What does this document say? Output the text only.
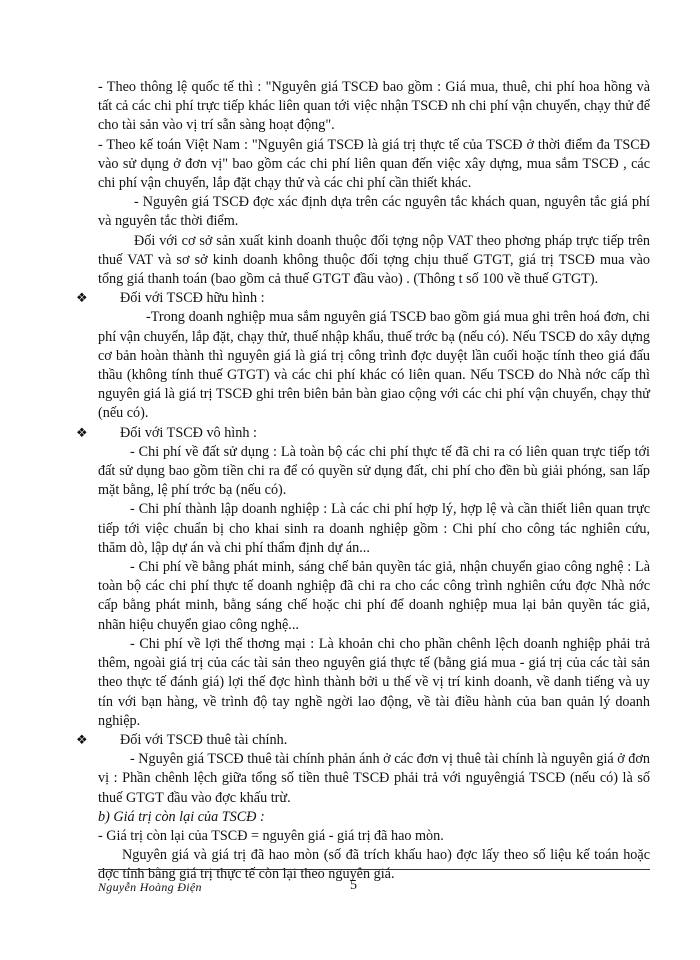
- Theo thông lệ quốc tế thì : "Nguyên giá TSCĐ bao gồm : Giá mua, thuê, chi phí hoa hồng và tất cả các chi phí trực tiếp khác liên quan tới việc nhận TSCĐ nh chi phí vận chuyển, chạy thử để cho tài sản vào vị trí sẵn sàng hoạt động".

- Theo kế toán Việt Nam : "Nguyên giá TSCĐ là giá trị thực tế của TSCĐ ở thời điểm đa TSCĐ vào sử dụng ở đơn vị" bao gồm các chi phí liên quan đến việc xây dựng, mua sắm TSCĐ , các chi phí vận chuyển, lắp đặt chạy thử và các chi phí cần thiết khác.

- Nguyên giá TSCĐ đợc xác định dựa trên các nguyên tắc khách quan, nguyên tắc giá phí và nguyên tắc thời điểm.

Đối với cơ sở sản xuất kinh doanh thuộc đối tợng nộp VAT theo phơng pháp trực tiếp trên thuế VAT và sơ sở kinh doanh không thuộc đối tợng chịu thuế GTGT, giá trị TSCĐ mua vào tổng giá thanh toán (bao gồm cả thuế GTGT đầu vào) . (Thông t số 100 về thuế GTGT).

❖ Đối với TSCĐ hữu hình :

-Trong doanh nghiệp mua sắm nguyên giá TSCĐ bao gồm giá mua ghi trên hoá đơn, chi phí vận chuyển, lắp đặt, chạy thử, thuế nhập khẩu, thuế trớc bạ (nếu có). Nếu TSCĐ do xây dựng cơ bản hoàn thành thì nguyên giá là giá trị công trình đợc duyệt lần cuối hoặc tính theo giá đấu thầu (không tính thuế GTGT) và các chi phí khác có liên quan. Nếu TSCĐ do Nhà nớc cấp thì nguyên giá là giá trị TSCĐ ghi trên biên bản bàn giao cộng với các chi phí vận chuyển, chạy thử (nếu có).

❖ Đối với TSCĐ vô hình :

- Chi phí về đất sử dụng : Là toàn bộ các chi phí thực tế đã chi ra có liên quan trực tiếp tới đất sử dụng bao gồm tiền chi ra để có quyền sử dụng đất, chi phí cho đền bù giải phóng, san lấp mặt bằng, lệ phí trớc bạ (nếu có).

- Chi phí thành lập doanh nghiệp : Là các chi phí hợp lý, hợp lệ và cần thiết liên quan trực tiếp tới việc chuẩn bị cho khai sinh ra doanh nghiệp gồm : Chi phí cho công tác nghiên cứu, thăm dò, lập dự án và chi phí thẩm định dự án...

- Chi phí về bằng phát minh, sáng chế bản quyền tác giả, nhận chuyển giao công nghệ : Là toàn bộ các chi phí thực tế doanh nghiệp đã chi ra cho các công trình nghiên cứu đợc Nhà nớc cấp bằng phát minh, bằng sáng chế hoặc chi phí để doanh nghiệp mua lại bản quyền tác giả, nhãn hiệu chuyển giao công nghệ...

- Chi phí về lợi thế thơng mại : Là khoản chi cho phần chênh lệch doanh nghiệp phải trả thêm, ngoài giá trị của các tài sản theo nguyên giá thực tế (bằng giá mua - giá trị của các tài sản theo thực tế đánh giá) lợi thế đợc hình thành bởi u thế về vị trí kinh doanh, về danh tiếng và uy tín với bạn hàng, về trình độ tay nghề ngời lao động, về tài điều hành của ban quản lý doanh nghiệp.

❖ Đối với TSCĐ thuê tài chính.

- Nguyên giá TSCĐ thuê tài chính phản ánh ở các đơn vị thuê tài chính là nguyên giá ở đơn vị : Phần chênh lệch giữa tổng số tiền thuê TSCĐ phải trả với nguyêngiá TSCĐ (nếu có) là số thuế GTGT đầu vào đợc khấu trừ.

b) Giá trị còn lại của TSCĐ :

- Giá trị còn lại của TSCĐ = nguyên giá - giá trị đã hao mòn.

Nguyên giá và giá trị đã hao mòn (số đã trích khấu hao) đợc lấy theo số liệu kế toán hoặc đợc tính bằng giá trị thực tế còn lại theo nguyên giá.

Nguyễn Hoàng Điện	5
